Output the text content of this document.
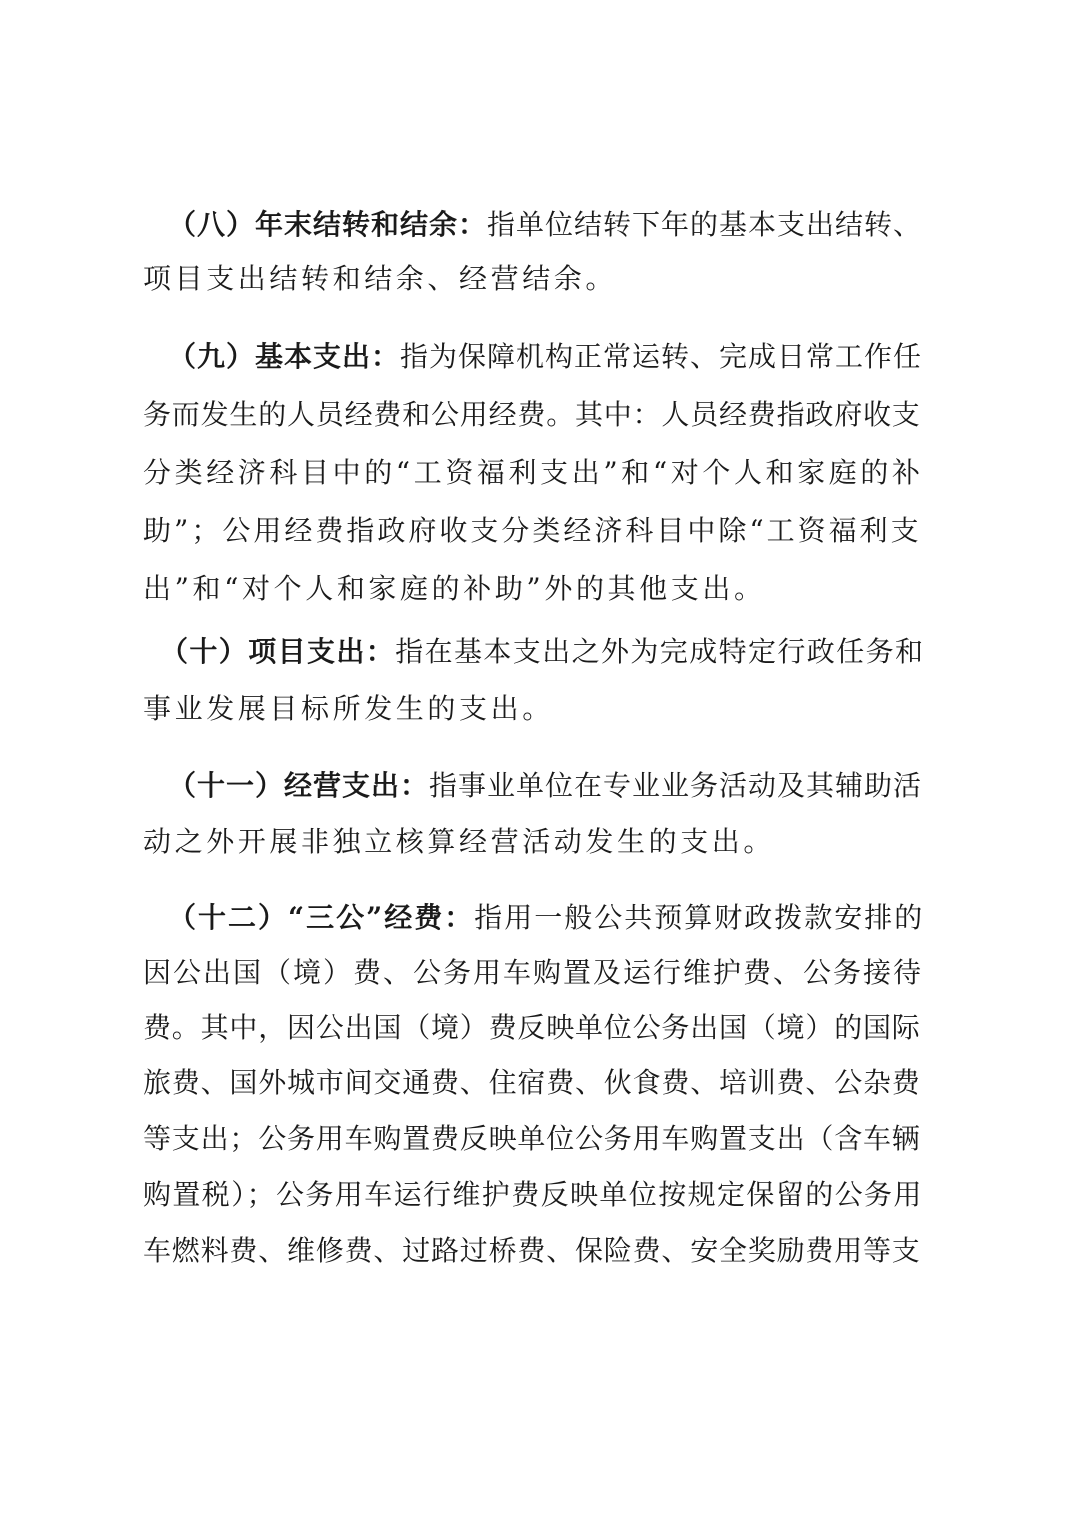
（八）年末结转和结余：指单位结转下年的基本支出结转、
项目支出结转和结余、经营结余。
（九）基本支出：指为保障机构正常运转、完成日常工作任
务而发生的人员经费和公用经费。其中：人员经费指政府收支
分类经济科目中的“工资福利支出”和“对个人和家庭的补
助”；公用经费指政府收支分类经济科目中除“工资福利支
出”和“对个人和家庭的补助”外的其他支出。
（十）项目支出：指在基本支出之外为完成特定行政任务和
事业发展目标所发生的支出。
（十一）经营支出：指事业单位在专业业务活动及其辅助活
动之外开展非独立核算经营活动发生的支出。
（十二）“三公”经费：指用一般公共预算财政拨款安排的
因公出国（境）费、公务用车购置及运行维护费、公务接待
费。其中，因公出国（境）费反映单位公务出国（境）的国际
旅费、国外城市间交通费、住宿费、伙食费、培训费、公杂费
等支出；公务用车购置费反映单位公务用车购置支出（含车辆
购置税）；公务用车运行维护费反映单位按规定保留的公务用
车燃料费、维修费、过路过桥费、保险费、安全奖励费用等支
